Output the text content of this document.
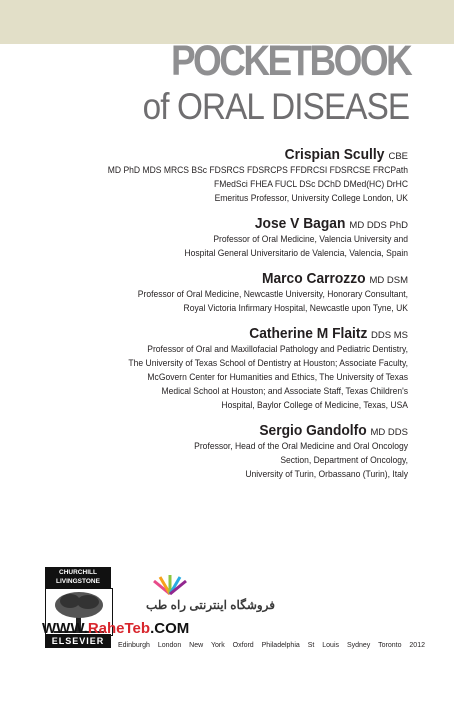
POCKETBOOK
of ORAL DISEASE
Crispian Scully CBE
MD PhD MDS MRCS BSc FDSRCS FDSRCPS FFDRCSI FDSRCSE FRCPath
FMedSci FHEA FUCL DSc DChD DMed(HC) DrHC
Emeritus Professor, University College London, UK
Jose V Bagan MD DDS PhD
Professor of Oral Medicine, Valencia University and
Hospital General Universitario de Valencia, Valencia, Spain
Marco Carrozzo MD DSM
Professor of Oral Medicine, Newcastle University, Honorary Consultant,
Royal Victoria Infirmary Hospital, Newcastle upon Tyne, UK
Catherine M Flaitz DDS MS
Professor of Oral and Maxillofacial Pathology and Pediatric Dentistry,
The University of Texas School of Dentistry at Houston; Associate Faculty,
McGovern Center for Humanities and Ethics, The University of Texas
Medical School at Houston; and Associate Staff, Texas Children's
Hospital, Baylor College of Medicine, Texas, USA
Sergio Gandolfo MD DDS
Professor, Head of the Oral Medicine and Oral Oncology
Section, Department of Oncology,
University of Turin, Orbassano (Turin), Italy
CHURCHILL LIVINGSTONE
ELSEVIER
فروشگاه اینترنتی راه طب
WWW.RaheTeb.COM
Edinburgh London New York Oxford Philadelphia St Louis Sydney Toronto 2012
